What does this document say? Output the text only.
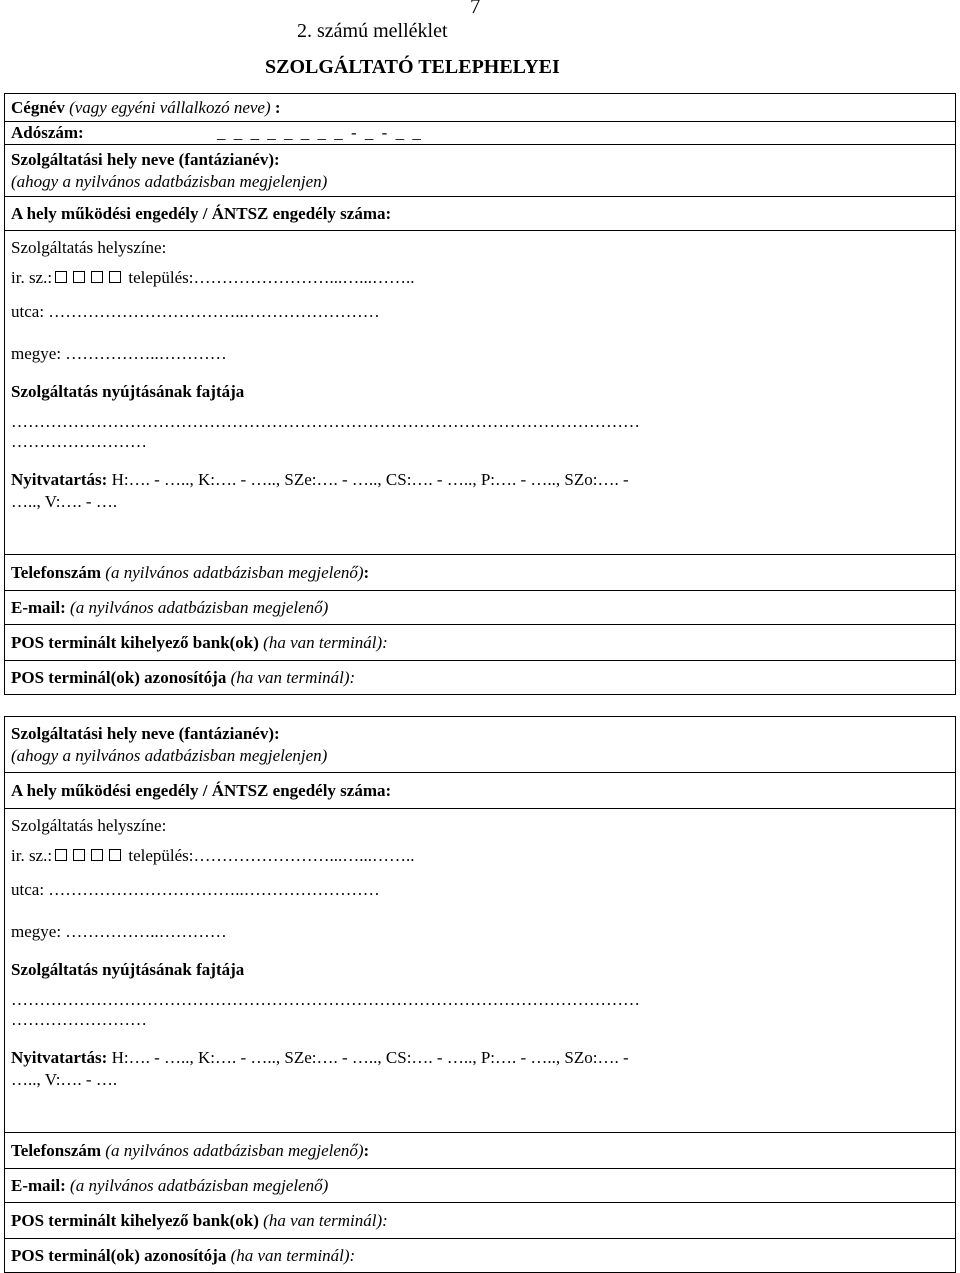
7
2. számú melléklet
SZOLGÁLTATÓ TELEPHELYEI
Cégnév (vagy egyéni vállalkozó neve) :
Adószám:	_ _ _ _ _ _ _ _ - _ - _ _

Szolgáltatási hely neve (fantázianév):
(ahogy a nyilvános adatbázisban megjelenjen)

A hely működési engedély / ÁNTSZ engedély száma:

Szolgáltatás helyszíne:
ir. sz.:	település:……………………...…...……..
utca: ……………………………..……………………
megye: ……………..…………
Szolgáltatás nyújtásának fajtája
…………………………………………………………………………………………………
……………………
Nyitvatartás: H:…. - ….., K:…. - ….., SZe:…. - ….., CS:…. - ….., P:…. - ….., SZo:…. -
….., V:…. - ….

Telefonszám (a nyilvános adatbázisban megjelenő):
E-mail: (a nyilvános adatbázisban megjelenő)
POS terminált kihelyező bank(ok) (ha van terminál):
POS terminál(ok) azonosítója (ha van terminál):
Szolgáltatási hely neve (fantázianév):
(ahogy a nyilvános adatbázisban megjelenjen)

A hely működési engedély / ÁNTSZ engedély száma:

Szolgáltatás helyszíne:
ir. sz.:	település:……………………...…...……..
utca: ……………………………..……………………
megye: ……………..…………
Szolgáltatás nyújtásának fajtája
…………………………………………………………………………………………………
……………………
Nyitvatartás: H:…. - ….., K:…. - ….., SZe:…. - ….., CS:…. - ….., P:…. - ….., SZo:…. -
….., V:…. - ….

Telefonszám (a nyilvános adatbázisban megjelenő):
E-mail: (a nyilvános adatbázisban megjelenő)
POS terminált kihelyező bank(ok) (ha van terminál):
POS terminál(ok) azonosítója (ha van terminál):
